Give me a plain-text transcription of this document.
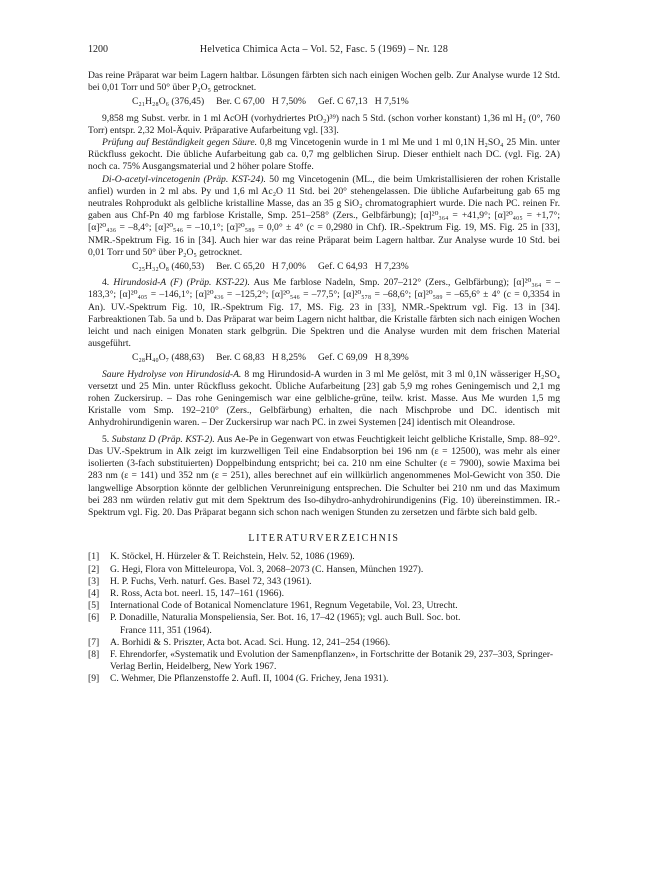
1200	Helvetica Chimica Acta – Vol. 52, Fasc. 5 (1969) – Nr. 128

Das reine Präparat war beim Lagern haltbar. Lösungen färbten sich nach einigen Wochen gelb. Zur Analyse wurde 12 Std. bei 0,01 Torr und 50° über P₂O₅ getrocknet.

C₂₁H₂₈O₆ (376,45)     Ber. C 67,00   H 7,50%     Gef. C 67,13   H 7,51%

9,858 mg Subst. verbr. in 1 ml AcOH (vorhydriertes PtO₂)³⁹) nach 5 Std. (schon vorher konstant) 1,36 ml H₂ (0°, 760 Torr) entspr. 2,32 Mol-Äquiv. Präparative Aufarbeitung vgl. [33].

Prüfung auf Beständigkeit gegen Säure. 0,8 mg Vincetogenin wurde in 1 ml Me und 1 ml 0,1N H₂SO₄ 25 Min. unter Rückfluss gekocht. Die übliche Aufarbeitung gab ca. 0,7 mg gelblichen Sirup. Dieser enthielt nach DC. (vgl. Fig. 2A) noch ca. 75% Ausgangsmaterial und 2 höher polare Stoffe.

Di-O-acetyl-vincetogenin (Präp. KST-24). 50 mg Vincetogenin (ML., die beim Umkristallisieren der rohen Kristalle anfiel) wurden in 2 ml abs. Py und 1,6 ml Ac₂O 11 Std. bei 20° stehengelassen. Die übliche Aufarbeitung gab 65 mg neutrales Rohprodukt als gelbliche kristalline Masse, das an 35 g SiO₂ chromatographiert wurde. Die nach PC. reinen Fr. gaben aus Chf-Pn 40 mg farblose Kristalle, Smp. 251–258° (Zers., Gelbfärbung); [α]²⁰₃₆₄ = +41,9°; [α]²⁰₄₀₅ = +1,7°; [α]²⁰₄₃₆ = –8,4°; [α]²⁰₅₄₆ = –10,1°; [α]²⁰₅₈₉ = 0,0° ± 4° (c = 0,2980 in Chf). IR.-Spektrum Fig. 19, MS. Fig. 25 in [33], NMR.-Spektrum Fig. 16 in [34]. Auch hier war das reine Präparat beim Lagern haltbar. Zur Analyse wurde 10 Std. bei 0,01 Torr und 50° über P₂O₅ getrocknet.

C₂₅H₃₂O₈ (460,53)     Ber. C 65,20   H 7,00%     Gef. C 64,93   H 7,23%

4. Hirundosid-A (F) (Präp. KST-22). Aus Me farblose Nadeln, Smp. 207–212° (Zers., Gelbfärbung); [α]²⁰₃₆₄ = –183,3°; [α]²⁰₄₀₅ = –146,1°; [α]²⁰₄₃₆ = –125,2°; [α]²⁰₅₄₆ = –77,5°; [α]²⁰₅₇₈ = –68,6°; [α]²⁰₅₈₉ = –65,6° ± 4° (c = 0,3354 in An). UV.-Spektrum Fig. 10, IR.-Spektrum Fig. 17, MS. Fig. 23 in [33], NMR.-Spektrum vgl. Fig. 13 in [34]. Farbreaktionen Tab. 5a und b. Das Präparat war beim Lagern nicht haltbar, die Kristalle färbten sich nach einigen Wochen leicht und nach einigen Monaten stark gelbgrün. Die Spektren und die Analyse wurden mit dem frischen Material ausgeführt.

C₂₈H₄₀O₇ (488,63)     Ber. C 68,83   H 8,25%     Gef. C 69,09   H 8,39%

Saure Hydrolyse von Hirundosid-A. 8 mg Hirundosid-A wurden in 3 ml Me gelöst, mit 3 ml 0,1N wässeriger H₂SO₄ versetzt und 25 Min. unter Rückfluss gekocht. Übliche Aufarbeitung [23] gab 5,9 mg rohes Geningemisch und 2,1 mg rohen Zuckersirup. – Das rohe Geningemisch war eine gelbliche-grüne, teilw. krist. Masse. Aus Me wurden 1,5 mg Kristalle vom Smp. 192–210° (Zers., Gelbfärbung) erhalten, die nach Mischprobe und DC. identisch mit Anhydrohirundigenin waren. – Der Zuckersirup war nach PC. in zwei Systemen [24] identisch mit Oleandrose.

5. Substanz D (Präp. KST-2). Aus Ae-Pe in Gegenwart von etwas Feuchtigkeit leicht gelbliche Kristalle, Smp. 88–92°. Das UV.-Spektrum in Alk zeigt im kurzwelligen Teil eine Endabsorption bei 196 nm (ε = 12500), was mehr als einer isolierten (3-fach substituierten) Doppelbindung entspricht; bei ca. 210 nm eine Schulter (ε = 7900), sowie Maxima bei 283 nm (ε = 141) und 352 nm (ε = 251), alles berechnet auf ein willkürlich angenommenes Mol-Gewicht von 350. Die langwellige Absorption könnte der gelblichen Verunreinigung entsprechen. Die Schulter bei 210 nm und das Maximum bei 283 nm würden relativ gut mit dem Spektrum des Iso-dihydro-anhydrohirundigenins (Fig. 10) übereinstimmen. IR.-Spektrum vgl. Fig. 20. Das Präparat begann sich schon nach wenigen Stunden zu zersetzen und färbte sich bald gelb.

LITERATURVERZEICHNIS
[1]	K. Stöckel, H. Hürzeler & T. Reichstein, Helv. 52, 1086 (1969).
[2]	G. Hegi, Flora von Mitteleuropa, Vol. 3, 2068–2073 (C. Hansen, München 1927).
[3]	H. P. Fuchs, Verh. naturf. Ges. Basel 72, 343 (1961).
[4]	R. Ross, Acta bot. neerl. 15, 147–161 (1966).
[5]	International Code of Botanical Nomenclature 1961, Regnum Vegetabile, Vol. 23, Utrecht.
[6]	P. Donadille, Naturalia Monspeliensia, Ser. Bot. 16, 17–42 (1965); vgl. auch Bull. Soc. bot.
France 111, 351 (1964).
[7]	A. Borhidi & S. Priszter, Acta bot. Acad. Sci. Hung. 12, 241–254 (1966).
[8]	F. Ehrendorfer, «Systematik und Evolution der Samenpflanzen», in Fortschritte der Botanik 29, 237–303, Springer-Verlag Berlin, Heidelberg, New York 1967.
[9]	C. Wehmer, Die Pflanzenstoffe 2. Aufl. II, 1004 (G. Frichey, Jena 1931).
